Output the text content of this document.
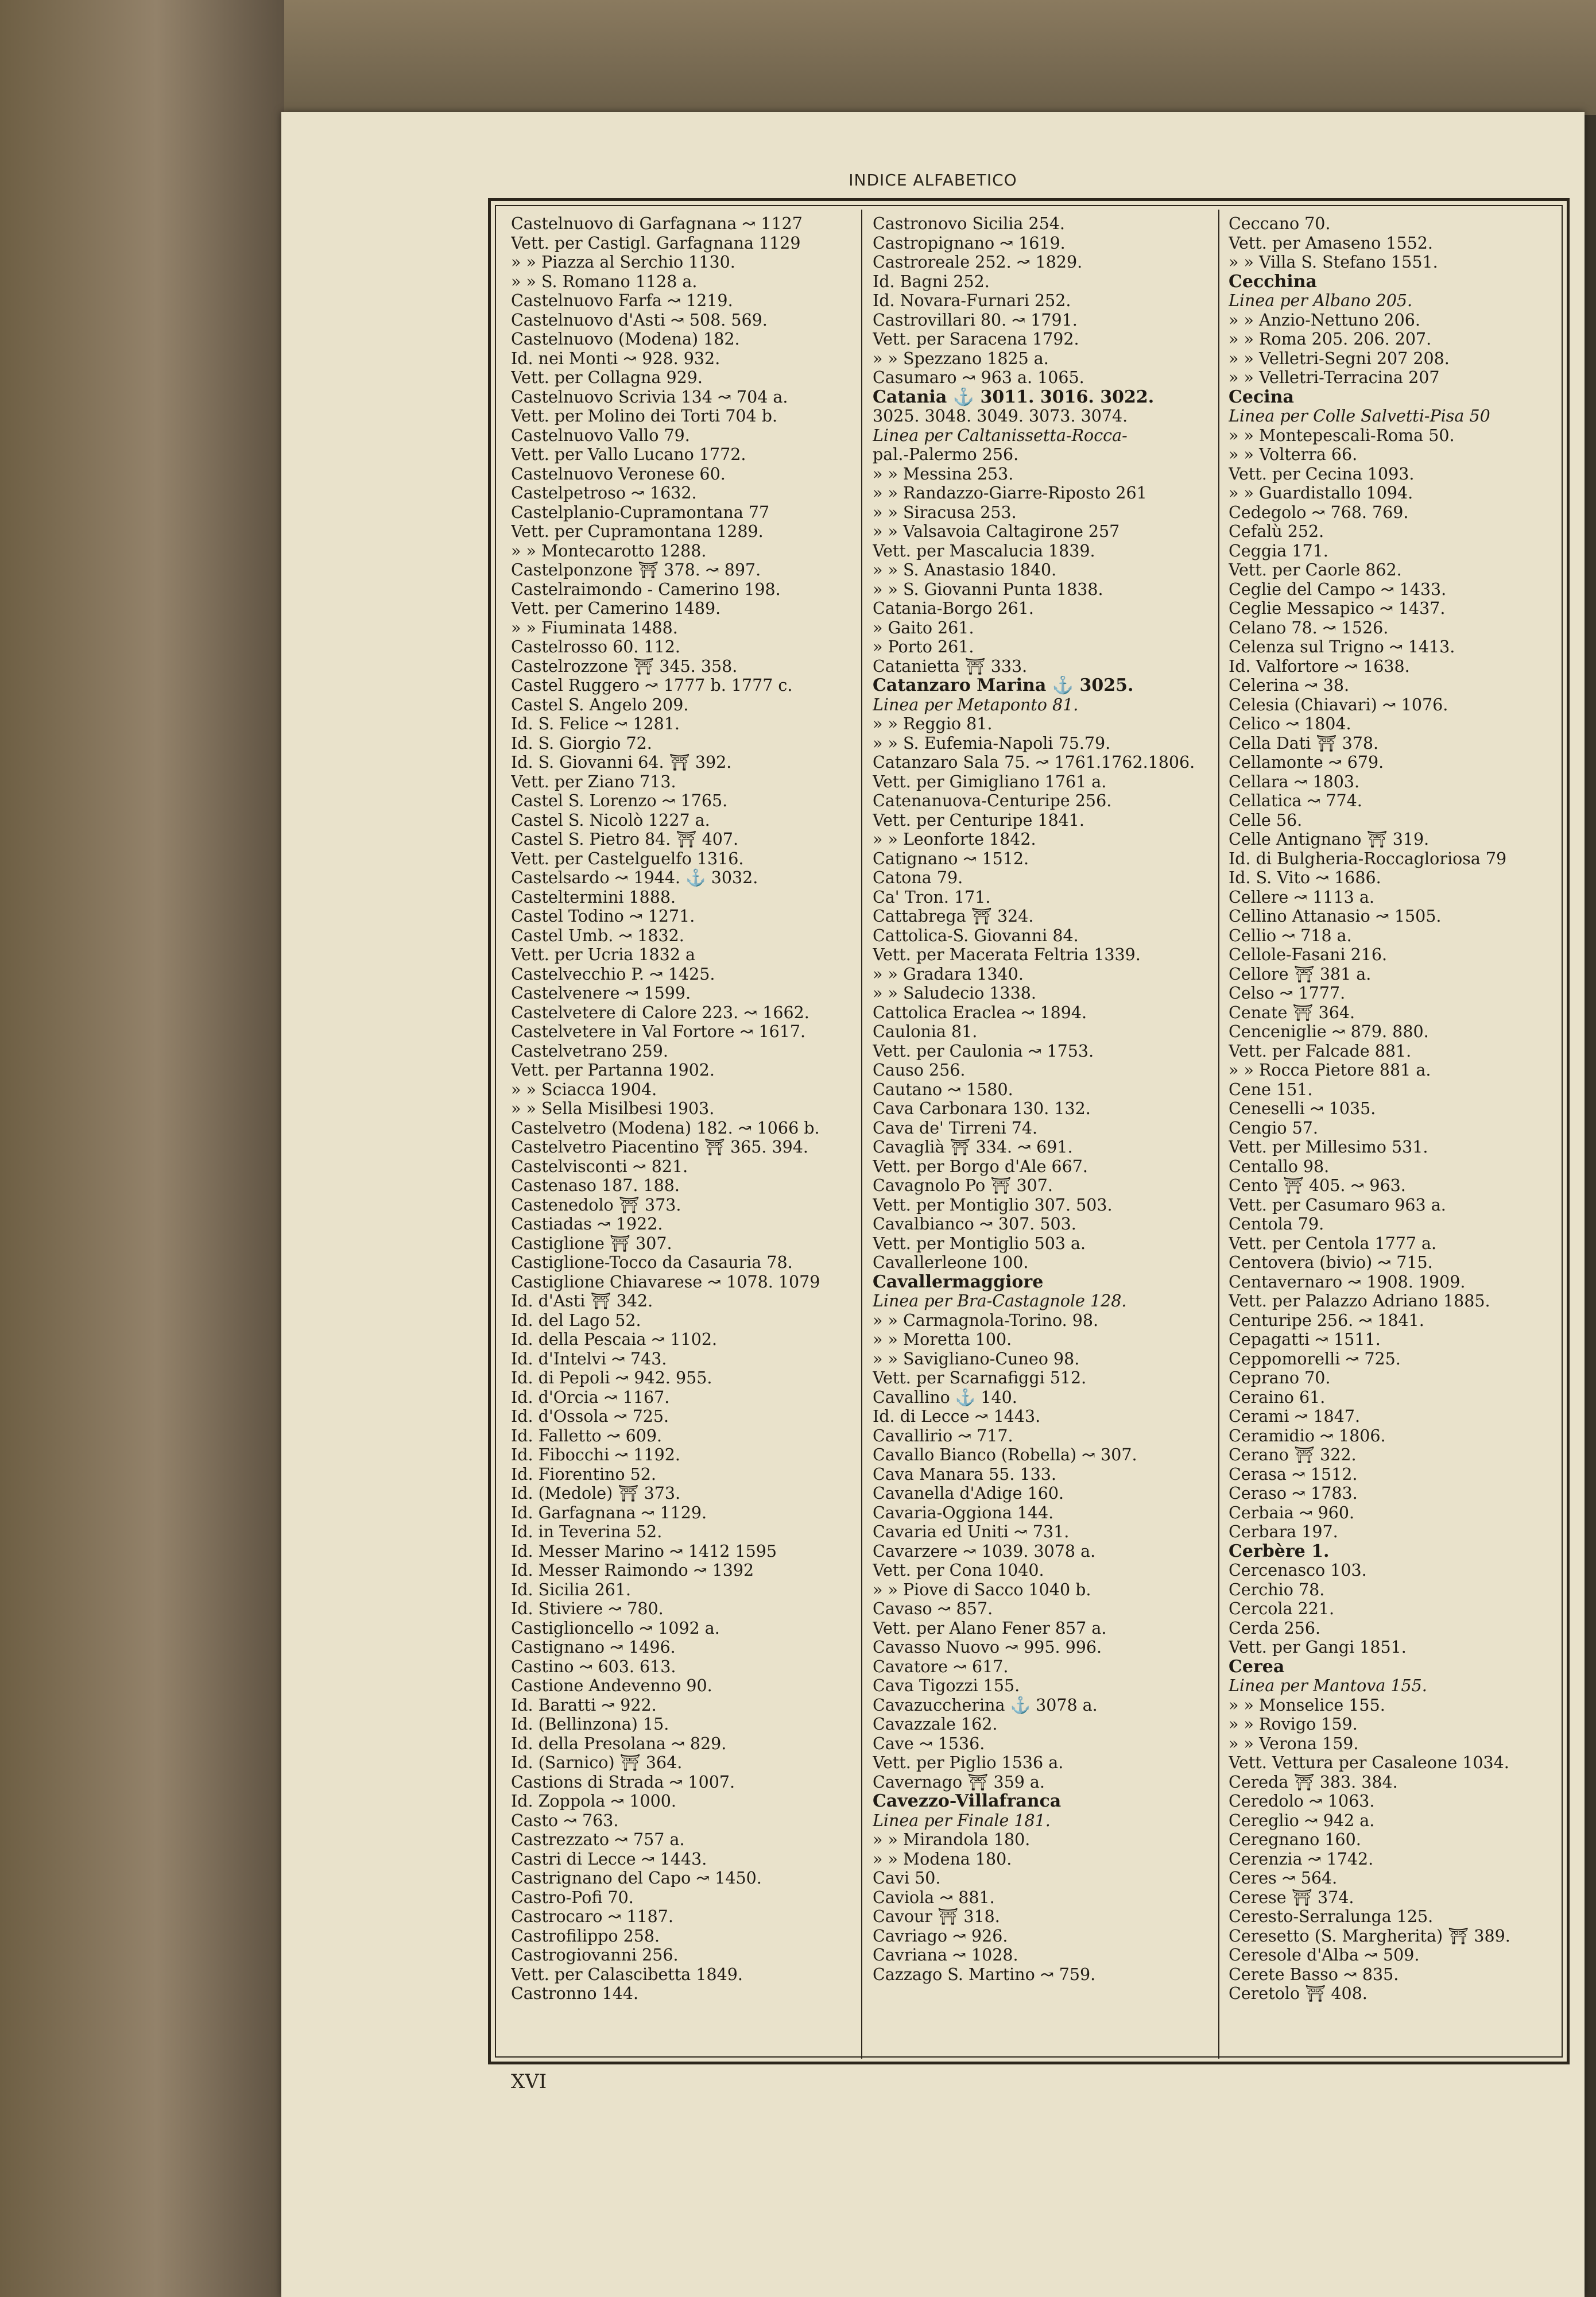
INDICE ALFABETICO
Castelnuovo di Garfagnana ↝ 1127
Vett. per Castigl. Garfagnana 1129
» » Piazza al Serchio 1130.
» » S. Romano 1128 a.
Castelnuovo Farfa ↝ 1219.
Castelnuovo d'Asti ↝ 508. 569.
Castelnuovo (Modena) 182.
Id. nei Monti ↝ 928. 932.
Vett. per Collagna 929.
Castelnuovo Scrivia 134 ↝ 704 a.
Vett. per Molino dei Torti 704 b.
Castelnuovo Vallo 79.
Vett. per Vallo Lucano 1772.
Castelnuovo Veronese 60.
Castelpetroso ↝ 1632.
Castelplanio-Cupramontana 77
Vett. per Cupramontana 1289.
» » Montecarotto 1288.
Castelponzone ⛩ 378. ↝ 897.
Castelraimondo - Camerino 198.
Vett. per Camerino 1489.
» » Fiuminata 1488.
Castelrosso 60. 112.
Castelrozzone ⛩ 345. 358.
Castel Ruggero ↝ 1777 b. 1777 c.
Castel S. Angelo 209.
Id. S. Felice ↝ 1281.
Id. S. Giorgio 72.
Id. S. Giovanni 64. ⛩ 392.
Vett. per Ziano 713.
Castel S. Lorenzo ↝ 1765.
Castel S. Nicolò 1227 a.
Castel S. Pietro 84. ⛩ 407.
Vett. per Castelguelfo 1316.
Castelsardo ↝ 1944. ⚓ 3032.
Casteltermini 1888.
Castel Todino ↝ 1271.
Castel Umb. ↝ 1832.
Vett. per Ucria 1832 a
Castelvecchio P. ↝ 1425.
Castelvenere ↝ 1599.
Castelvetere di Calore 223. ↝ 1662.
Castelvetere in Val Fortore ↝ 1617.
Castelvetrano 259.
Vett. per Partanna 1902.
» » Sciacca 1904.
» » Sella Misilbesi 1903.
Castelvetro (Modena) 182. ↝ 1066 b.
Castelvetro Piacentino ⛩ 365. 394.
Castelvisconti ↝ 821.
Castenaso 187. 188.
Castenedolo ⛩ 373.
Castiadas ↝ 1922.
Castiglione ⛩ 307.
Castiglione-Tocco da Casauria 78.
Castiglione Chiavarese ↝ 1078. 1079
Id. d'Asti ⛩ 342.
Id. del Lago 52.
Id. della Pescaia ↝ 1102.
Id. d'Intelvi ↝ 743.
Id. di Pepoli ↝ 942. 955.
Id. d'Orcia ↝ 1167.
Id. d'Ossola ↝ 725.
Id. Falletto ↝ 609.
Id. Fibocchi ↝ 1192.
Id. Fiorentino 52.
Id. (Medole) ⛩ 373.
Id. Garfagnana ↝ 1129.
Id. in Teverina 52.
Id. Messer Marino ↝ 1412 1595
Id. Messer Raimondo ↝ 1392
Id. Sicilia 261.
Id. Stiviere ↝ 780.
Castiglioncello ↝ 1092 a.
Castignano ↝ 1496.
Castino ↝ 603. 613.
Castione Andevenno 90.
Id. Baratti ↝ 922.
Id. (Bellinzona) 15.
Id. della Presolana ↝ 829.
Id. (Sarnico) ⛩ 364.
Castions di Strada ↝ 1007.
Id. Zoppola ↝ 1000.
Casto ↝ 763.
Castrezzato ↝ 757 a.
Castri di Lecce ↝ 1443.
Castrignano del Capo ↝ 1450.
Castro-Pofi 70.
Castrocaro ↝ 1187.
Castrofilippo 258.
Castrogiovanni 256.
Vett. per Calascibetta 1849.
Castronno 144.
Castronovo Sicilia 254.
Castropignano ↝ 1619.
Castroreale 252. ↝ 1829.
Id. Bagni 252.
Id. Novara-Furnari 252.
Castrovillari 80. ↝ 1791.
Vett. per Saracena 1792.
» » Spezzano 1825 a.
Casumaro ↝ 963 a. 1065.
Catania ⚓ 3011. 3016. 3022.
3025. 3048. 3049. 3073. 3074.
Linea per Caltanissetta-Rocca-
pal.-Palermo 256.
» » Messina 253.
» » Randazzo-Giarre-Riposto 261
» » Siracusa 253.
» » Valsavoia Caltagirone 257
Vett. per Mascalucia 1839.
» » S. Anastasio 1840.
» » S. Giovanni Punta 1838.
Catania-Borgo 261.
» Gaito 261.
» Porto 261.
Catanietta ⛩ 333.
Catanzaro Marina ⚓ 3025.
Linea per Metaponto 81.
» » Reggio 81.
» » S. Eufemia-Napoli 75.79.
Catanzaro Sala 75. ↝ 1761.1762.1806.
Vett. per Gimigliano 1761 a.
Catenanuova-Centuripe 256.
Vett. per Centuripe 1841.
» » Leonforte 1842.
Catignano ↝ 1512.
Catona 79.
Ca' Tron. 171.
Cattabrega ⛩ 324.
Cattolica-S. Giovanni 84.
Vett. per Macerata Feltria 1339.
» » Gradara 1340.
» » Saludecio 1338.
Cattolica Eraclea ↝ 1894.
Caulonia 81.
Vett. per Caulonia ↝ 1753.
Causo 256.
Cautano ↝ 1580.
Cava Carbonara 130. 132.
Cava de' Tirreni 74.
Cavaglià ⛩ 334. ↝ 691.
Vett. per Borgo d'Ale 667.
Cavagnolo Po ⛩ 307.
Vett. per Montiglio 307. 503.
Cavalbianco ↝ 307. 503.
Vett. per Montiglio 503 a.
Cavallerleone 100.
Cavallermaggiore
Linea per Bra-Castagnole 128.
» » Carmagnola-Torino. 98.
» » Moretta 100.
» » Savigliano-Cuneo 98.
Vett. per Scarnafiggi 512.
Cavallino ⚓ 140.
Id. di Lecce ↝ 1443.
Cavallirio ↝ 717.
Cavallo Bianco (Robella) ↝ 307.
Cava Manara 55. 133.
Cavanella d'Adige 160.
Cavaria-Oggiona 144.
Cavaria ed Uniti ↝ 731.
Cavarzere ↝ 1039. 3078 a.
Vett. per Cona 1040.
» » Piove di Sacco 1040 b.
Cavaso ↝ 857.
Vett. per Alano Fener 857 a.
Cavasso Nuovo ↝ 995. 996.
Cavatore ↝ 617.
Cava Tigozzi 155.
Cavazuccherina ⚓ 3078 a.
Cavazzale 162.
Cave ↝ 1536.
Vett. per Piglio 1536 a.
Cavernago ⛩ 359 a.
Cavezzo-Villafranca
Linea per Finale 181.
» » Mirandola 180.
» » Modena 180.
Cavi 50.
Caviola ↝ 881.
Cavour ⛩ 318.
Cavriago ↝ 926.
Cavriana ↝ 1028.
Cazzago S. Martino ↝ 759.
Ceccano 70.
Vett. per Amaseno 1552.
» » Villa S. Stefano 1551.
Cecchina
Linea per Albano 205.
» » Anzio-Nettuno 206.
» » Roma 205. 206. 207.
» » Velletri-Segni 207 208.
» » Velletri-Terracina 207
Cecina
Linea per Colle Salvetti-Pisa 50
» » Montepescali-Roma 50.
» » Volterra 66.
Vett. per Cecina 1093.
» » Guardistallo 1094.
Cedegolo ↝ 768. 769.
Cefalù 252.
Ceggia 171.
Vett. per Caorle 862.
Ceglie del Campo ↝ 1433.
Ceglie Messapico ↝ 1437.
Celano 78. ↝ 1526.
Celenza sul Trigno ↝ 1413.
Id. Valfortore ↝ 1638.
Celerina ↝ 38.
Celesia (Chiavari) ↝ 1076.
Celico ↝ 1804.
Cella Dati ⛩ 378.
Cellamonte ↝ 679.
Cellara ↝ 1803.
Cellatica ↝ 774.
Celle 56.
Celle Antignano ⛩ 319.
Id. di Bulgheria-Roccagloriosa 79
Id. S. Vito ↝ 1686.
Cellere ↝ 1113 a.
Cellino Attanasio ↝ 1505.
Cellio ↝ 718 a.
Cellole-Fasani 216.
Cellore ⛩ 381 a.
Celso ↝ 1777.
Cenate ⛩ 364.
Cenceniglie ↝ 879. 880.
Vett. per Falcade 881.
» » Rocca Pietore 881 a.
Cene 151.
Ceneselli ↝ 1035.
Cengio 57.
Vett. per Millesimo 531.
Centallo 98.
Cento ⛩ 405. ↝ 963.
Vett. per Casumaro 963 a.
Centola 79.
Vett. per Centola 1777 a.
Centovera (bivio) ↝ 715.
Centavernaro ↝ 1908. 1909.
Vett. per Palazzo Adriano 1885.
Centuripe 256. ↝ 1841.
Cepagatti ↝ 1511.
Ceppomorelli ↝ 725.
Ceprano 70.
Ceraino 61.
Cerami ↝ 1847.
Ceramidio ↝ 1806.
Cerano ⛩ 322.
Cerasa ↝ 1512.
Ceraso ↝ 1783.
Cerbaia ↝ 960.
Cerbara 197.
Cerbère 1.
Cercenasco 103.
Cerchio 78.
Cercola 221.
Cerda 256.
Vett. per Gangi 1851.
Cerea
Linea per Mantova 155.
» » Monselice 155.
» » Rovigo 159.
» » Verona 159.
Vett. Vettura per Casaleone 1034.
Cereda ⛩ 383. 384.
Ceredolo ↝ 1063.
Cereglio ↝ 942 a.
Ceregnano 160.
Cerenzia ↝ 1742.
Ceres ↝ 564.
Cerese ⛩ 374.
Ceresto-Serralunga 125.
Ceresetto (S. Margherita) ⛩ 389.
Ceresole d'Alba ↝ 509.
Cerete Basso ↝ 835.
Ceretolo ⛩ 408.
XVI
